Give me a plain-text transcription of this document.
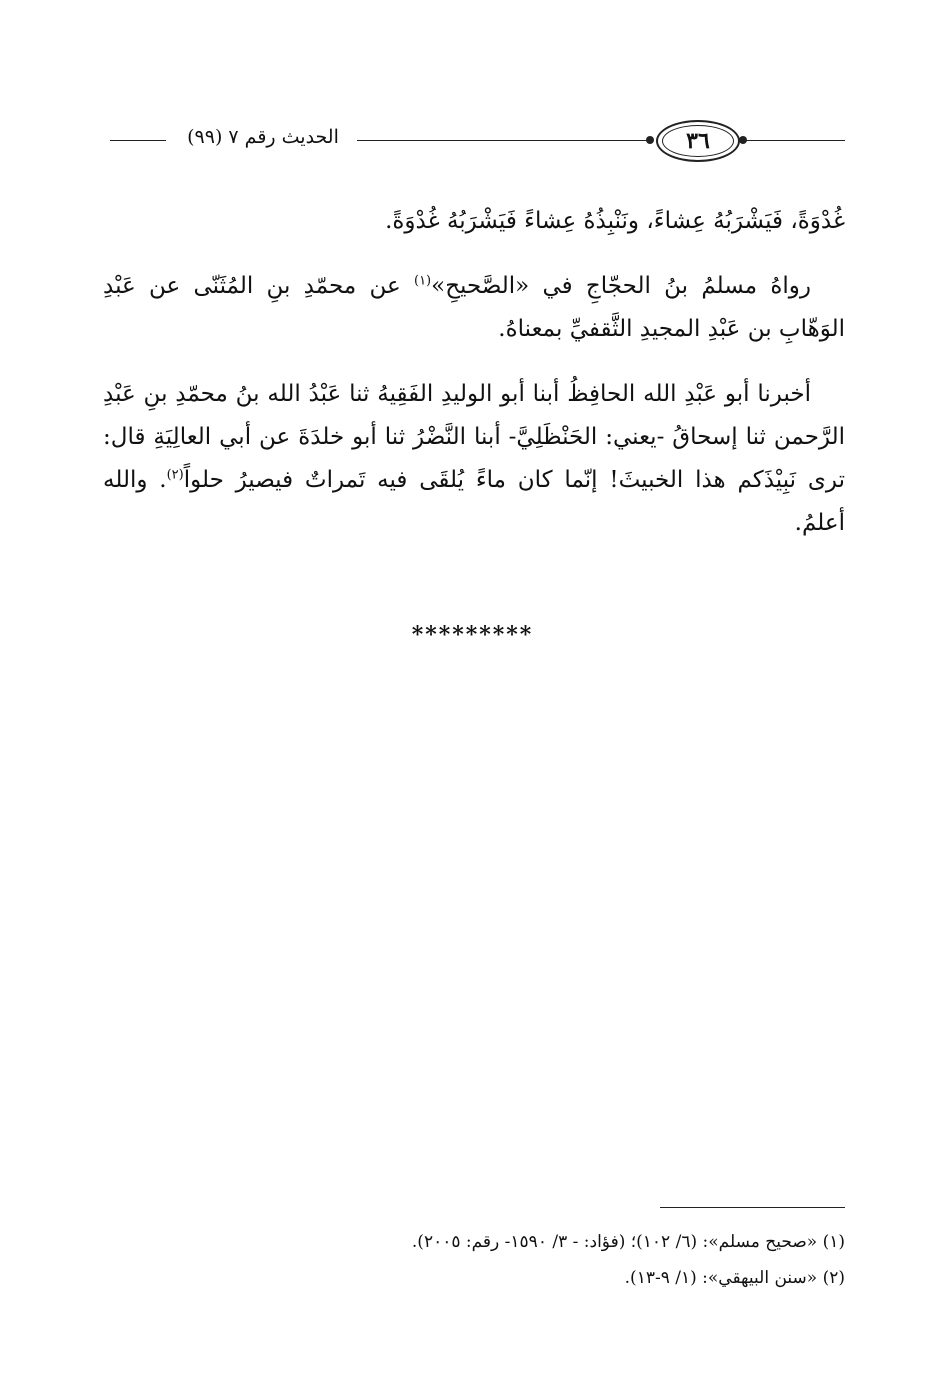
الحديث رقم ٧ (٩٩)	٣٦

غُدْوَةً، فَيَشْرَبُهُ عِشاءً، ونَنْبِذُهُ عِشاءً فَيَشْرَبُهُ غُدْوَةً.

رواهُ مسلمُ بنُ الحجّاجِ في «الصَّحيحِ»$^{(١)}$ عن محمّدِ بنِ المُثَنّى عن عَبْدِ الوَهّابِ بن عَبْدِ المجيدِ الثَّقفيِّ بمعناهُ.

أخبرنا أبو عَبْدِ الله الحافِظُ أبنا أبو الوليدِ الفَقِيهُ ثنا عَبْدُ الله بنُ محمّدِ بنِ عَبْدِ الرَّحمن ثنا إسحاقُ -يعني: الحَنْظَلِيَّ- أبنا النَّضْرُ ثنا أبو خلدَةَ عن أبي العالِيَةِ قال: ترى نَبِيْذَكم هذا الخبيثَ! إنّما كان ماءً يُلقَى فيه تَمراتٌ فيصيرُ حلواً$^{(٢)}$. والله أعلمُ.

*********

(١) «صحيح مسلم»: (٦/ ١٠٢)؛ (فؤاد: - ٣/ ١٥٩٠- رقم: ٢٠٠٥).

(٢) «سنن البيهقي»: (١/ ٩-١٣).
